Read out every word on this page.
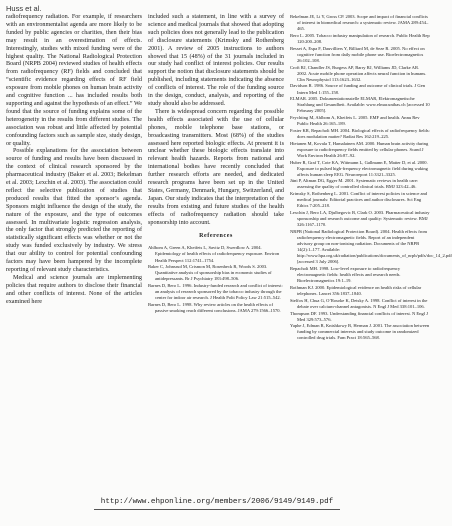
Huss et al.

radiofrequency radiation. For example, if researchers with an environmentalist agenda are more likely to be funded by public agencies or charities, then their bias may result in an overestimation of effects. Interestingly, studies with mixed funding were of the highest quality. The National Radiological Protection Board (NRPB 2004) reviewed studies of health effects from radiofrequency (RF) fields and concluded that “scientific evidence regarding effects of RF field exposure from mobile phones on human brain activity and cognitive function ... has included results both supporting and against the hypothesis of an effect.” We found that the source of funding explains some of the heterogeneity in the results from different studies. The association was robust and little affected by potential confounding factors such as sample size, study design, or quality.

Possible explanations for the association between source of funding and results have been discussed in the context of clinical research sponsored by the pharmaceutical industry (Baker et al. 2003; Bekelman et al. 2003; Lexchin et al. 2003). The association could reflect the selective publication of studies that produced results that fitted the sponsor’s agenda. Sponsors might influence the design of the study, the nature of the exposure, and the type of outcomes assessed. In multivariate logistic regression analysis, the only factor that strongly predicted the reporting of statistically significant effects was whether or not the study was funded exclusively by industry. We stress that our ability to control for potential confounding factors may have been hampered by the incomplete reporting of relevant study characteristics.

Medical and science journals are implementing policies that require authors to disclose their financial and other conflicts of interest. None of the articles examined here

included such a statement, in line with a survey of science and medical journals that showed that adopting such policies does not generally lead to the publication of disclosure statements (Krimsky and Rothenberg 2001). A review of 2005 instructions to authors showed that 15 (48%) of the 31 journals included in our study had conflict of interest policies. Our results support the notion that disclosure statements should be published, including statements indicating the absence of conflicts of interest. The role of the funding source in the design, conduct, analysis, and reporting of the study should also be addressed.

There is widespread concern regarding the possible health effects associated with the use of cellular phones, mobile telephone base stations, or broadcasting transmitters. Most (68%) of the studies assessed here reported biologic effects. At present it is unclear whether these biologic effects translate into relevant health hazards. Reports from national and international bodies have recently concluded that further research efforts are needed, and dedicated research programs have been set up in the United States, Germany, Denmark, Hungary, Switzerland, and Japan. Our study indicates that the interpretation of the results from existing and future studies of the health effects of radiofrequency radiation should take sponsorship into account.

References
Ahlbom A, Green A, Kheifets L, Savitz D, Swerdlow A. 2004. Epidemiology of health effects of radiofrequency exposure. Environ Health Perspect 112:1741–1754.
Baker C, Johnsrud M, Crismon M, Rosenheck R, Woods S. 2003. Quantitative analysis of sponsorship bias in economic studies of antidepressants. Br J Psychiatry 183:498–506.
Barnes D, Bero L. 1996. Industry-funded research and conflict of interest: an analysis of research sponsored by the tobacco industry through the center for indoor air research. J Health Polit Policy Law 21:515–542.
Barnes D, Bero L. 1998. Why review articles on the health effects of passive smoking reach different conclusions. JAMA 279:1566–1570.
Bekelman JE, Li Y, Gross CP. 2003. Scope and impact of financial conflicts of interest in biomedical research: a systematic review. JAMA 289:454–465.
Bero L. 2005. Tobacco industry manipulation of research. Public Health Rep 120:200–208.
Besset A, Espa F, Dauvilliers Y, Billiard M, de Seze R. 2005. No effect on cognitive function from daily mobile phone use. Bioelectromagnetics 26:102–108.
Croft RJ, Chandler JS, Burgess AP, Barry RJ, Williams JD, Clarke AR. 2002. Acute mobile phone operation affects neural function in humans. Clin Neurophysiol 113:1623–1632.
Davidson R. 1986. Source of funding and outcome of clinical trials. J Gen Intern Med 1:155–158.
ELMAR. 2005. Dokumentationsstelle ELMAR, Elektromagnetische Strahlung und Gesundheit. Available: www.elmar.unibas.ch [accessed 10 February 2005].
Feychting M, Ahlbom A, Kheifets L. 2005. EMF and health. Annu Rev Public Health 26:165–189.
Foster KR, Repacholi MH. 2004. Biological effects of radiofrequency fields: does modulation matter? Radiat Res 162:219–225.
Hietanen M, Kovala T, Hamalainen AM. 2000. Human brain activity during exposure to radiofrequency fields emitted by cellular phones. Scand J Work Environ Health 26:87–92.
Huber R, Graf T, Cote KA, Wittmann L, Gallmann E, Matter D, et al. 2000. Exposure to pulsed high-frequency electromagnetic field during waking affects human sleep EEG. Neuroreport 11:3321–3325.
Jüni P, Altman DG, Egger M. 2001. Systematic reviews in health care: assessing the quality of controlled clinical trials. BMJ 323:42–46.
Krimsky S, Rothenberg L. 2001. Conflict of interest policies in science and medical journals: Editorial practices and author disclosures. Sci Eng Ethics 7:205–218.
Lexchin J, Bero LA, Djulbegovic B, Clark O. 2003. Pharmaceutical industry sponsorship and research outcome and quality: Systematic review. BMJ 326:1167–1170.
NRPB (National Radiological Protection Board). 2004. Health effects from radiofrequency electromagnetic fields. Report of an independent advisory group on non-ionising radiation. Documents of the NRPB 14(2):1–177. Available: http://www.hpa.org.uk/radiation/publications/documents_of_nrpb/pdfs/doc_14_2.pdf [accessed 3 July 2006].
Repacholi MH. 1998. Low-level exposure to radiofrequency electromagnetic fields: health effects and research needs. Bioelectromagnetics 19:1–19.
Rothman KJ. 2000. Epidemiological evidence on health risks of cellular telephones. Lancet 356:1837–1840.
Stelfox H, Chua G, O’Rourke K, Detsky A. 1998. Conflict of interest in the debate over calcium-channel antagonists. N Engl J Med 338:101–106.
Thompson DF. 1993. Understanding financial conflicts of interest. N Engl J Med 329:573–576.
Yaphe J, Edman R, Knishkowy B, Herman J. 2001. The association between funding by commercial interests and study outcome in randomized controlled drug trials. Fam Pract 18:565–568.
http://www.ehponline.org/members/2006/9149/9149.pdf
